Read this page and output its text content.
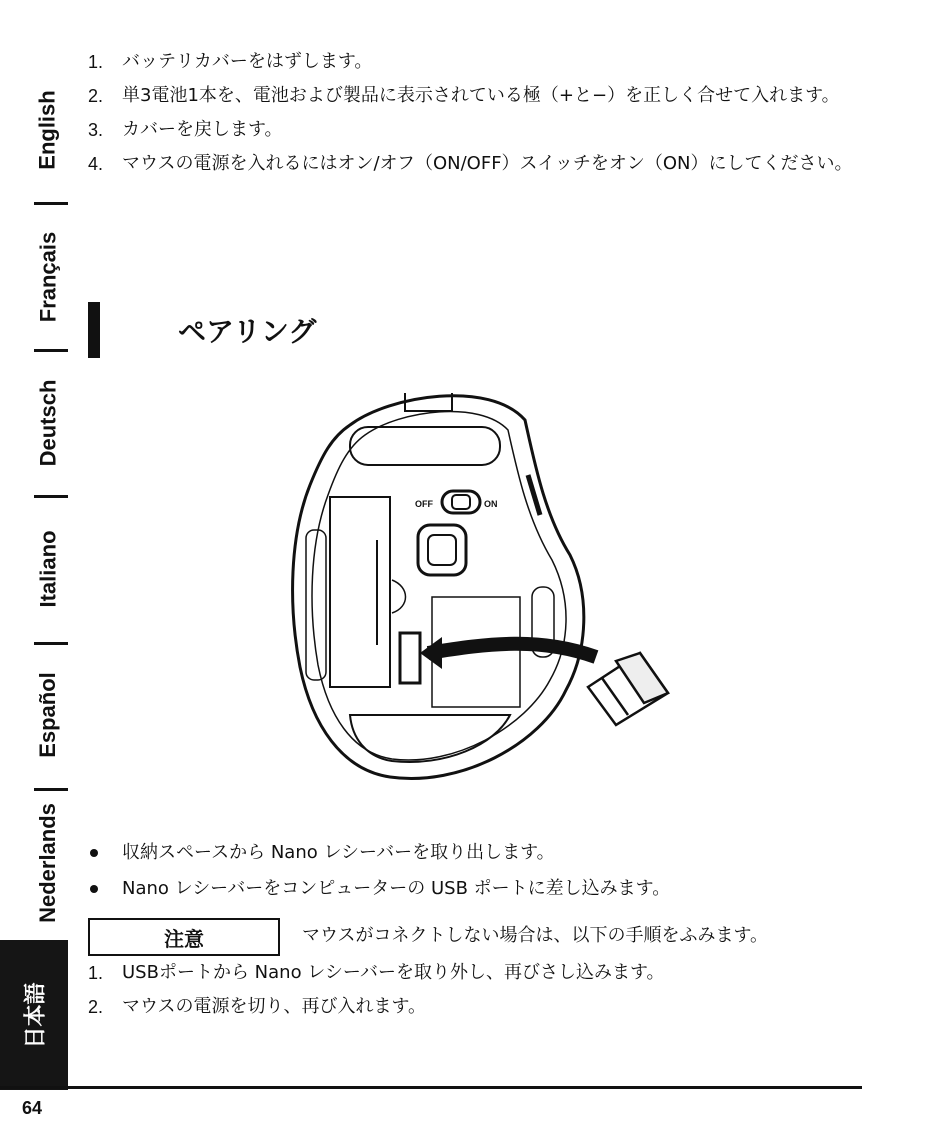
English
Français
Deutsch
Italiano
Español
Nederlands
日本語
1. バッテリカバーをはずします。
2. 単3電池1本を、電池および製品に表示されている極（+と−）を正しく合せて入れます。
3. カバーを戻します。
4. マウスの電源を入れるにはオン/オフ（ON/OFF）スイッチをオン（ON）にしてください。
ペアリング
OFF	ON
収納スペースから Nano レシーバーを取り出します。
Nano レシーバーをコンピューターの USB ポートに差し込みます。
注意	マウスがコネクトしない場合は、以下の手順をふみます。
1. USBポートから Nano レシーバーを取り外し、再びさし込みます。
2. マウスの電源を切り、再び入れます。
64
